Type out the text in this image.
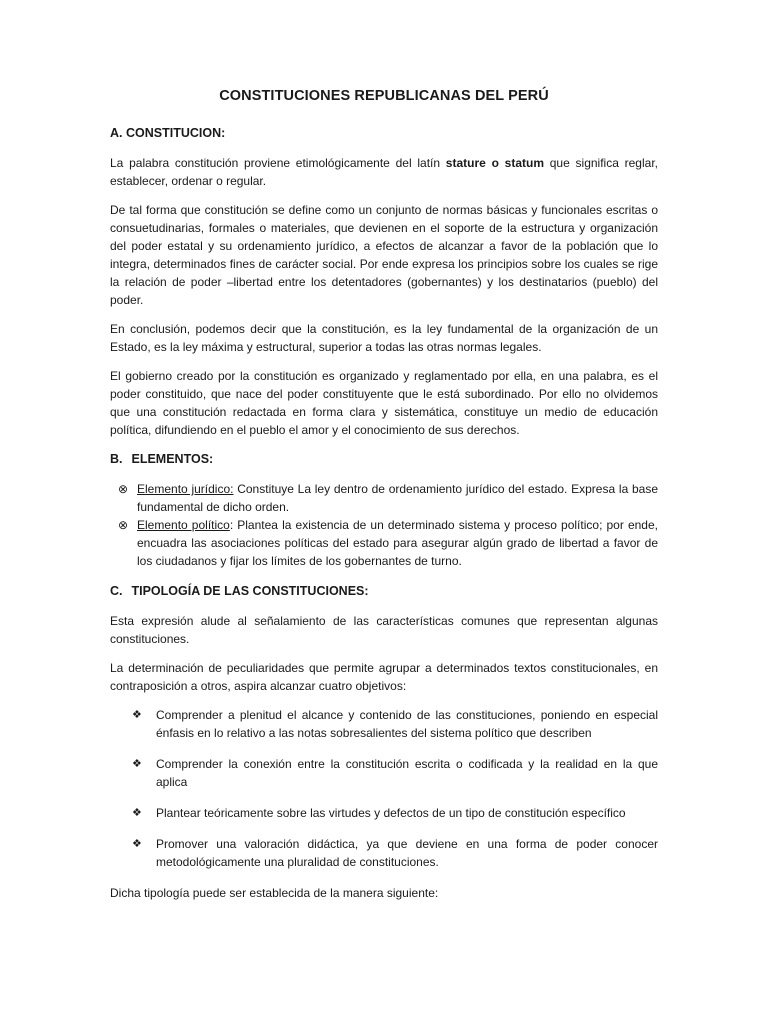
CONSTITUCIONES REPUBLICANAS DEL PERÚ
A. CONSTITUCION:

La palabra constitución proviene etimológicamente del latín stature o statum que significa reglar, establecer, ordenar o regular.

De tal forma que constitución se define como un conjunto de normas básicas y funcionales escritas o consuetudinarias, formales o materiales, que devienen en el soporte de la estructura y organización del poder estatal y su ordenamiento jurídico, a efectos de alcanzar a favor de la población que lo integra, determinados fines de carácter social. Por ende expresa los principios sobre los cuales se rige la relación de poder –libertad entre los detentadores (gobernantes) y los destinatarios (pueblo) del poder.

En conclusión, podemos decir que la constitución, es la ley fundamental de la organización de un Estado, es la ley máxima y estructural, superior a todas las otras normas legales.

El gobierno creado por la constitución es organizado y reglamentado por ella, en una palabra, es el poder constituido, que nace del poder constituyente que le está subordinado. Por ello no olvidemos que una constitución redactada en forma clara y sistemática, constituye un medio de educación política, difundiendo en el pueblo el amor y el conocimiento de sus derechos.

B. ELEMENTOS:
⊗ Elemento jurídico: Constituye La ley dentro de ordenamiento jurídico del estado. Expresa la base fundamental de dicho orden.
⊗ Elemento político: Plantea la existencia de un determinado sistema y proceso político; por ende, encuadra las asociaciones políticas del estado para asegurar algún grado de libertad a favor de los ciudadanos y fijar los límites de los gobernantes de turno.
C. TIPOLOGÍA DE LAS CONSTITUCIONES:

Esta expresión alude al señalamiento de las características comunes que representan algunas constituciones.

La determinación de peculiaridades que permite agrupar a determinados textos constitucionales, en contraposición a otros, aspira alcanzar cuatro objetivos:

❖ Comprender a plenitud el alcance y contenido de las constituciones, poniendo en especial énfasis en lo relativo a las notas sobresalientes del sistema político que describen
❖ Comprender la conexión entre la constitución escrita o codificada y la realidad en la que aplica
❖ Plantear teóricamente sobre las virtudes y defectos de un tipo de constitución específico
❖ Promover una valoración didáctica, ya que deviene en una forma de poder conocer metodológicamente una pluralidad de constituciones.

Dicha tipología puede ser establecida de la manera siguiente:
